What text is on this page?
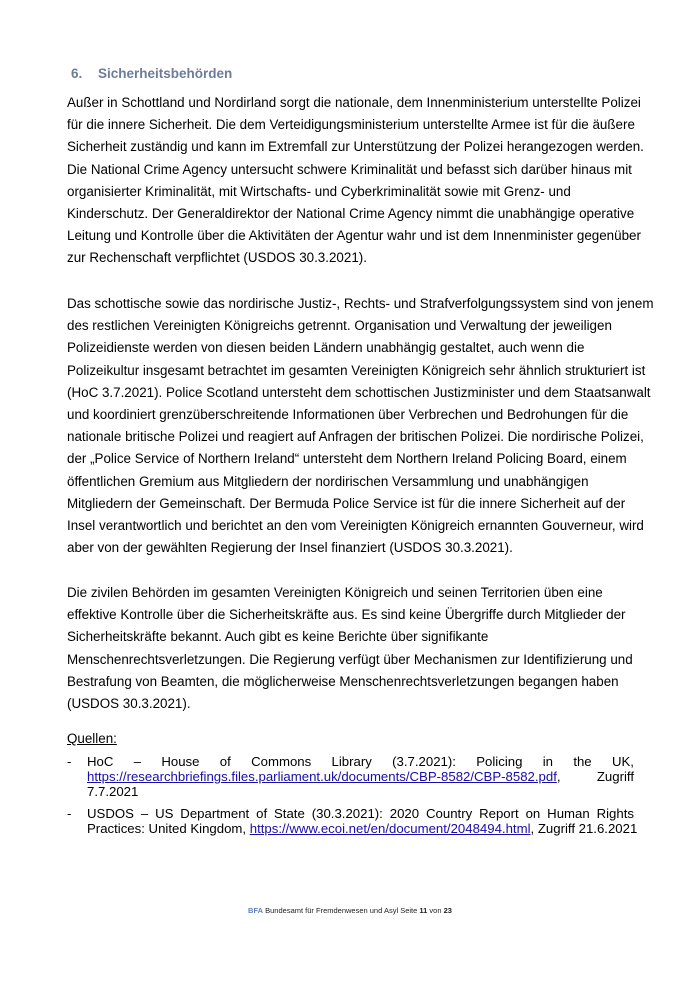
6. Sicherheitsbehörden

Außer in Schottland und Nordirland sorgt die nationale, dem Innenministerium unterstellte Polizei
für die innere Sicherheit. Die dem Verteidigungsministerium unterstellte Armee ist für die äußere
Sicherheit zuständig und kann im Extremfall zur Unterstützung der Polizei herangezogen werden.
Die National Crime Agency untersucht schwere Kriminalität und befasst sich darüber hinaus mit
organisierter Kriminalität, mit Wirtschafts- und Cyberkriminalität sowie mit Grenz- und
Kinderschutz. Der Generaldirektor der National Crime Agency nimmt die unabhängige operative
Leitung und Kontrolle über die Aktivitäten der Agentur wahr und ist dem Innenminister gegenüber
zur Rechenschaft verpflichtet (USDOS 30.3.2021).

Das schottische sowie das nordirische Justiz-, Rechts- und Strafverfolgungssystem sind von jenem
des restlichen Vereinigten Königreichs getrennt. Organisation und Verwaltung der jeweiligen
Polizeidienste werden von diesen beiden Ländern unabhängig gestaltet, auch wenn die
Polizeikultur insgesamt betrachtet im gesamten Vereinigten Königreich sehr ähnlich strukturiert ist
(HoC 3.7.2021). Police Scotland untersteht dem schottischen Justizminister und dem Staatsanwalt
und koordiniert grenzüberschreitende Informationen über Verbrechen und Bedrohungen für die
nationale britische Polizei und reagiert auf Anfragen der britischen Polizei. Die nordirische Polizei,
der „Police Service of Northern Ireland“ untersteht dem Northern Ireland Policing Board, einem
öffentlichen Gremium aus Mitgliedern der nordirischen Versammlung und unabhängigen
Mitgliedern der Gemeinschaft. Der Bermuda Police Service ist für die innere Sicherheit auf der
Insel verantwortlich und berichtet an den vom Vereinigten Königreich ernannten Gouverneur, wird
aber von der gewählten Regierung der Insel finanziert (USDOS 30.3.2021).

Die zivilen Behörden im gesamten Vereinigten Königreich und seinen Territorien üben eine
effektive Kontrolle über die Sicherheitskräfte aus. Es sind keine Übergriffe durch Mitglieder der
Sicherheitskräfte bekannt. Auch gibt es keine Berichte über signifikante
Menschenrechtsverletzungen. Die Regierung verfügt über Mechanismen zur Identifizierung und
Bestrafung von Beamten, die möglicherweise Menschenrechtsverletzungen begangen haben
(USDOS 30.3.2021).

Quellen:

- HoC – House of Commons Library (3.7.2021): Policing in the UK,
https://researchbriefings.files.parliament.uk/documents/CBP-8582/CBP-8582.pdf,	Zugriff
7.7.2021
- USDOS – US Department of State (30.3.2021): 2020 Country Report on Human Rights
Practices: United Kingdom, https://www.ecoi.net/en/document/2048494.html, Zugriff 21.6.2021
BFA Bundesamt für Fremdenwesen und Asyl Seite 11 von 23
